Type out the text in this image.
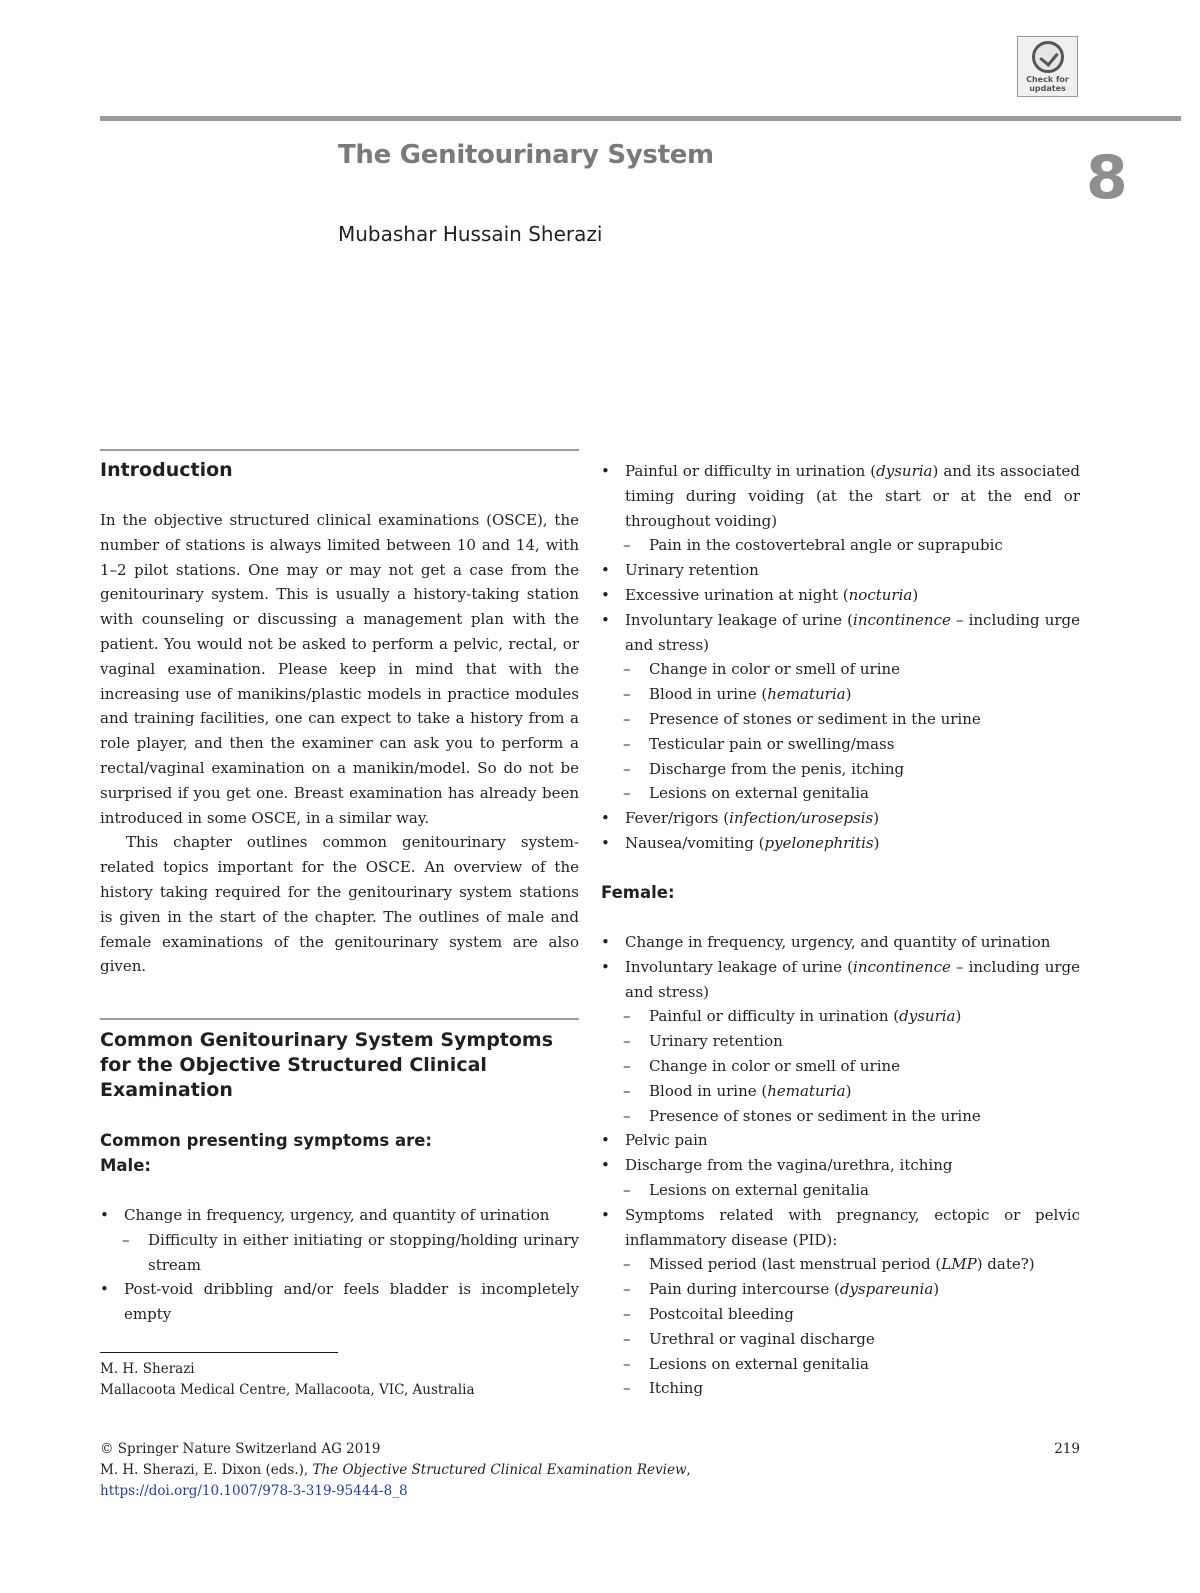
Check for
updates
The Genitourinary System	8
Mubashar Hussain Sherazi
Introduction

In the objective structured clinical examinations (OSCE), the number of stations is always limited between 10 and 14, with 1–2 pilot stations. One may or may not get a case from the genitourinary system. This is usually a history-taking station with counseling or discussing a management plan with the patient. You would not be asked to perform a pelvic, rectal, or vaginal examination. Please keep in mind that with the increasing use of manikins/plastic models in practice modules and training facilities, one can expect to take a history from a role player, and then the examiner can ask you to perform a rectal/vaginal examination on a manikin/model. So do not be surprised if you get one. Breast examination has already been introduced in some OSCE, in a similar way.

This chapter outlines common genitourinary system-related topics important for the OSCE. An overview of the history taking required for the genitourinary system stations is given in the start of the chapter. The outlines of male and female examinations of the genitourinary system are also given.

Common Genitourinary System Symptoms for the Objective Structured Clinical Examination
Common presenting symptoms are:
Male:
• Change in frequency, urgency, and quantity of urination
– Difficulty in either initiating or stopping/holding urinary stream
• Post-void dribbling and/or feels bladder is incompletely empty
M. H. Sherazi
Mallacoota Medical Centre, Mallacoota, VIC, Australia
• Painful or difficulty in urination (dysuria) and its associated timing during voiding (at the start or at the end or throughout voiding)
– Pain in the costovertebral angle or suprapubic
• Urinary retention
• Excessive urination at night (nocturia)
• Involuntary leakage of urine (incontinence – including urge and stress)
– Change in color or smell of urine
– Blood in urine (hematuria)
– Presence of stones or sediment in the urine
– Testicular pain or swelling/mass
– Discharge from the penis, itching
– Lesions on external genitalia
• Fever/rigors (infection/urosepsis)
• Nausea/vomiting (pyelonephritis)
Female:
• Change in frequency, urgency, and quantity of urination
• Involuntary leakage of urine (incontinence – including urge and stress)
– Painful or difficulty in urination (dysuria)
– Urinary retention
– Change in color or smell of urine
– Blood in urine (hematuria)
– Presence of stones or sediment in the urine
• Pelvic pain
• Discharge from the vagina/urethra, itching
– Lesions on external genitalia
• Symptoms related with pregnancy, ectopic or pelvic inflammatory disease (PID):
– Missed period (last menstrual period (LMP) date?)
– Pain during intercourse (dyspareunia)
– Postcoital bleeding
– Urethral or vaginal discharge
– Lesions on external genitalia
– Itching
© Springer Nature Switzerland AG 2019	219
M. H. Sherazi, E. Dixon (eds.), The Objective Structured Clinical Examination Review,
https://doi.org/10.1007/978-3-319-95444-8_8
